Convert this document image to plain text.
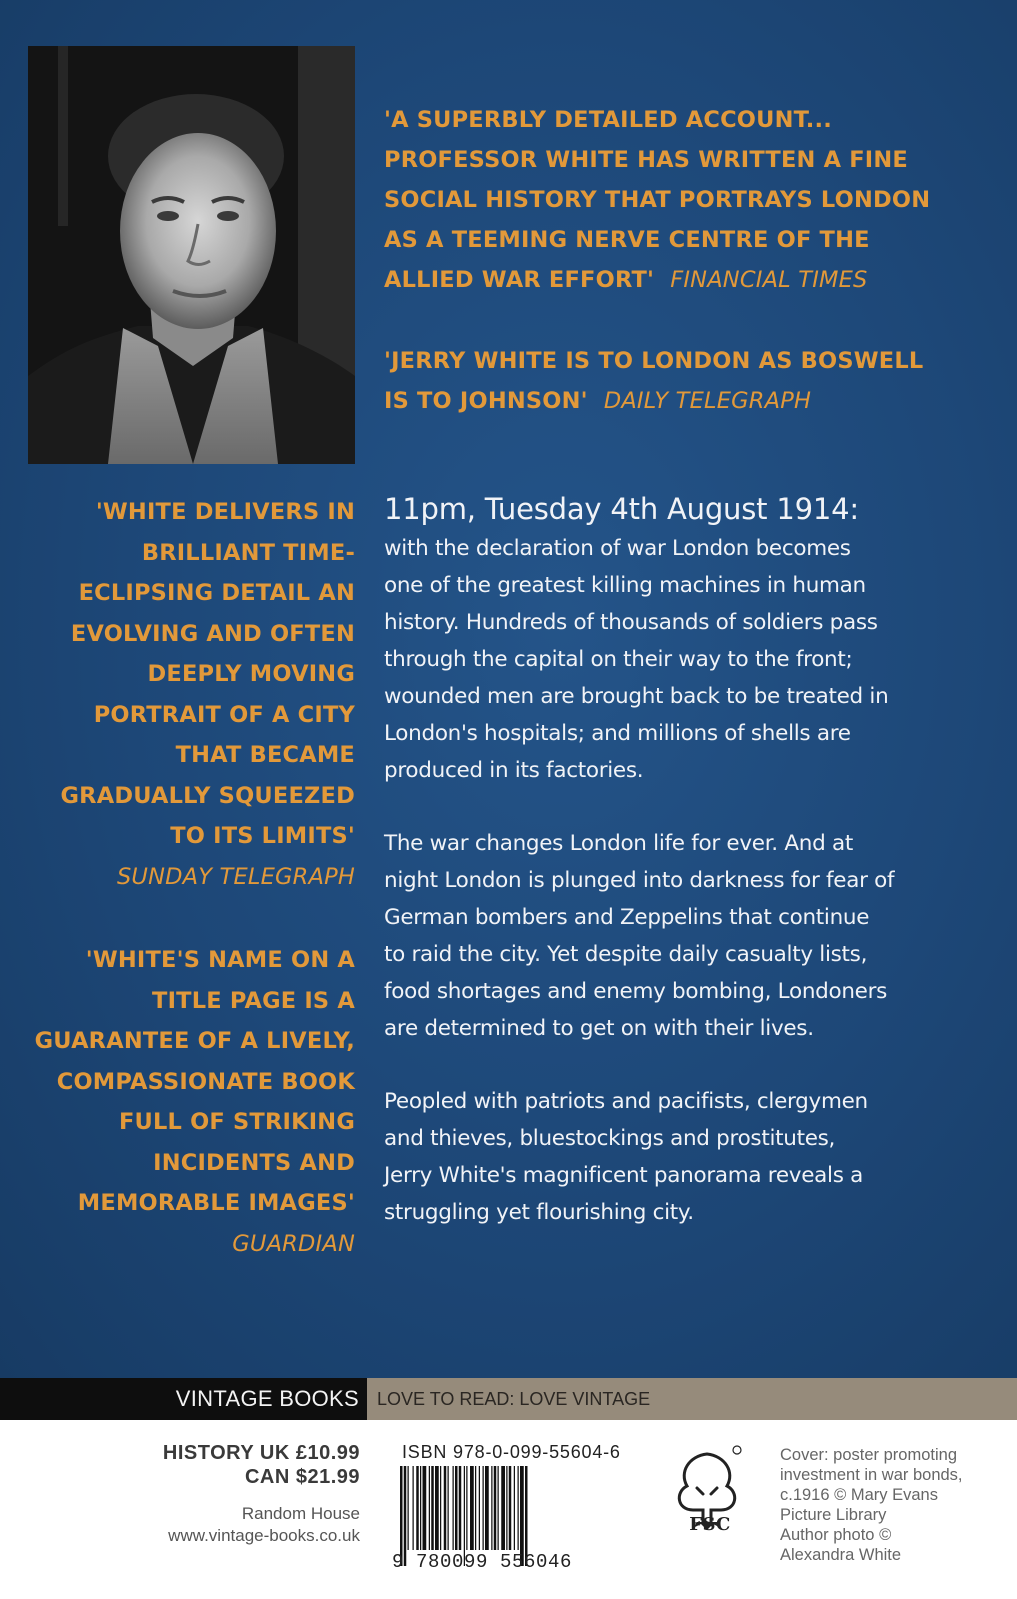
'A SUPERBLY DETAILED ACCOUNT...
PROFESSOR WHITE HAS WRITTEN A FINE
SOCIAL HISTORY THAT PORTRAYS LONDON
AS A TEEMING NERVE CENTRE OF THE
ALLIED WAR EFFORT' FINANCIAL TIMES
'JERRY WHITE IS TO LONDON AS BOSWELL
IS TO JOHNSON' DAILY TELEGRAPH
'WHITE DELIVERS IN
BRILLIANT TIME-
ECLIPSING DETAIL AN
EVOLVING AND OFTEN
DEEPLY MOVING
PORTRAIT OF A CITY
THAT BECAME
GRADUALLY SQUEEZED
TO ITS LIMITS'
SUNDAY TELEGRAPH
'WHITE'S NAME ON A
TITLE PAGE IS A
GUARANTEE OF A LIVELY,
COMPASSIONATE BOOK
FULL OF STRIKING
INCIDENTS AND
MEMORABLE IMAGES'
GUARDIAN
11pm, Tuesday 4th August 1914:
with the declaration of war London becomes
one of the greatest killing machines in human
history. Hundreds of thousands of soldiers pass
through the capital on their way to the front;
wounded men are brought back to be treated in
London's hospitals; and millions of shells are
produced in its factories.
The war changes London life for ever. And at
night London is plunged into darkness for fear of
German bombers and Zeppelins that continue
to raid the city. Yet despite daily casualty lists,
food shortages and enemy bombing, Londoners
are determined to get on with their lives.
Peopled with patriots and pacifists, clergymen
and thieves, bluestockings and prostitutes,
Jerry White's magnificent panorama reveals a
struggling yet flourishing city.
VINTAGE BOOKS	LOVE TO READ: LOVE VINTAGE
HISTORY UK £10.99
CAN $21.99
Random House
www.vintage-books.co.uk
ISBN 978-0-099-55604-6
9 780099 556046
FSC
Cover: poster promoting
investment in war bonds,
c.1916 © Mary Evans
Picture Library
Author photo ©
Alexandra White
